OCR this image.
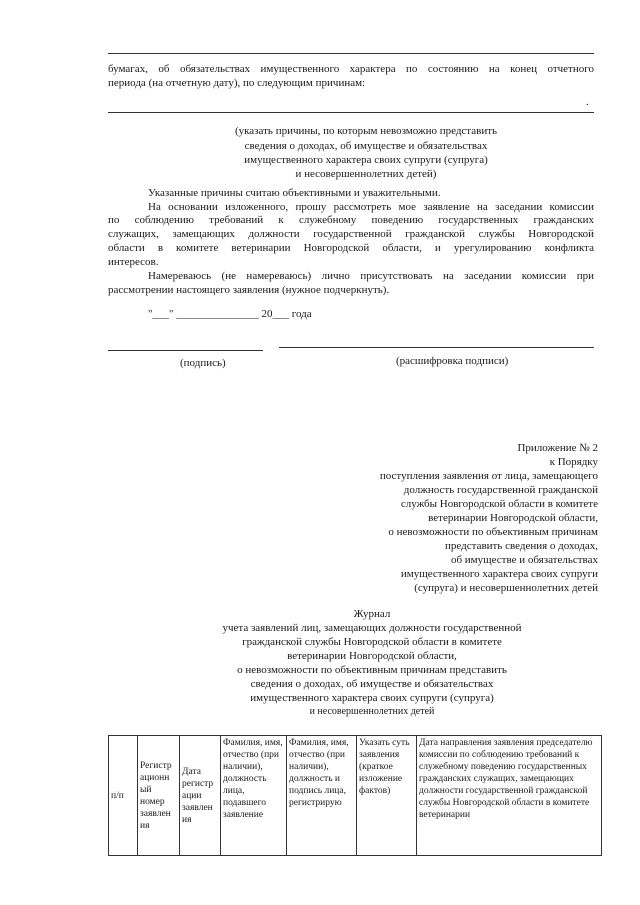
бумагах, об обязательствах имущественного характера по состоянию на конец отчетного
периода (на отчетную дату), по следующим причинам:
.
(указать причины, по которым невозможно представить
сведения о доходах, об имуществе и обязательствах
имущественного характера своих супруги (супруга)
и несовершеннолетних детей)
Указанные причины считаю объективными и уважительными.
На основании изложенного, прошу рассмотреть мое заявление на заседании комиссии
по соблюдению требований к служебному поведению государственных гражданских
служащих, замещающих должности государственной гражданской службы Новгородской
области в комитете ветеринарии Новгородской области, и урегулированию конфликта
интересов.
Намереваюсь (не намереваюсь) лично присутствовать на заседании комиссии при
рассмотрении настоящего заявления (нужное подчеркнуть).
"___" _______________ 20___ года
(подпись)	(расшифровка подписи)
Приложение № 2
к Порядку
поступления заявления от лица, замещающего
должность государственной гражданской
службы Новгородской области в комитете
ветеринарии Новгородской области,
о невозможности по объективным причинам
представить сведения о доходах,
об имуществе и обязательствах
имущественного характера своих супруги
(супруга) и несовершеннолетних детей
Журнал
учета заявлений лиц, замещающих должности государственной
гражданской службы Новгородской области в комитете
ветеринарии Новгородской области,
о невозможности по объективным причинам представить
сведения о доходах, об имуществе и обязательствах
имущественного характера своих супруги (супруга)
и несовершеннолетних детей
п/п	Регистр ационн ый номер заявлен ия	Дата регистр ации заявлен ия	Фамилия, имя, отчество (при наличии), должность лица, подавшего заявление	Фамилия, имя, отчество (при наличии), должность и подпись лица, регистрирую	Указать суть заявления (краткое изложение фактов)	Дата направления заявления председателю комиссии по соблюдению требований к служебному поведению государственных гражданских служащих, замещающих должности государственной гражданской службы Новгородской области в комитете ветеринарии
